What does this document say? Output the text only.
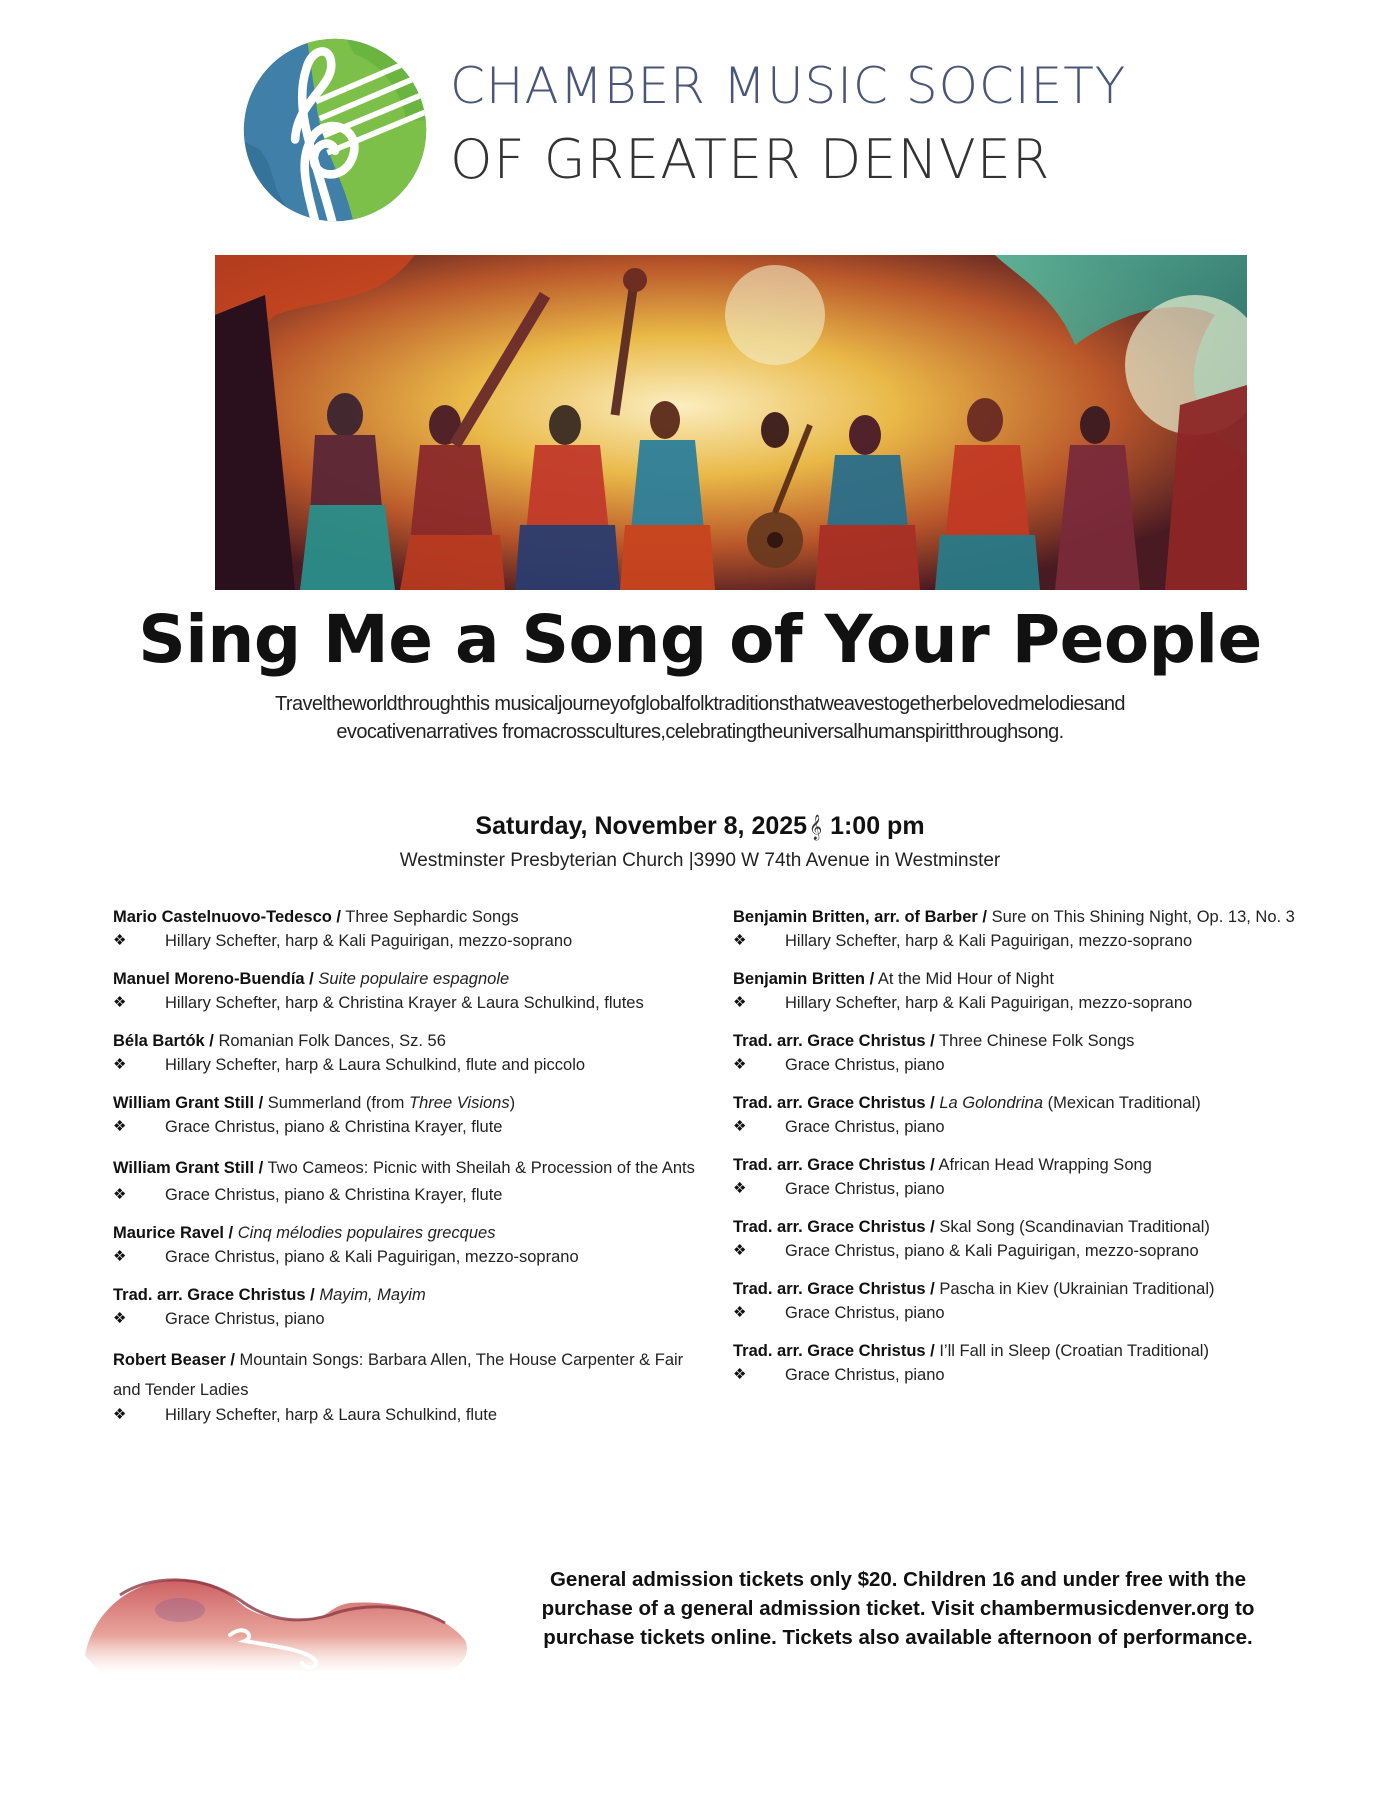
CHAMBER MUSIC SOCIETY
OF GREATER DENVER
Sing Me a Song of Your People
Traveltheworldthroughthis musicaljourneyofglobalfolktraditionsthatweavestogetherbelovedmelodiesand
evocativenarratives fromacrosscultures,celebratingtheuniversalhumanspiritthroughsong.
Saturday, November 8, 2025𝄞 1:00 pm
Westminster Presbyterian Church |3990 W 74th Avenue in Westminster
Mario Castelnuovo-Tedesco / Three Sephardic Songs
❖ Hillary Schefter, harp & Kali Paguirigan, mezzo-soprano
Manuel Moreno-Buendía / Suite populaire espagnole
❖ Hillary Schefter, harp & Christina Krayer & Laura Schulkind, flutes
Béla Bartók / Romanian Folk Dances, Sz. 56
❖ Hillary Schefter, harp & Laura Schulkind, flute and piccolo
William Grant Still / Summerland (from Three Visions)
❖ Grace Christus, piano & Christina Krayer, flute
William Grant Still / Two Cameos: Picnic with Sheilah & Procession of the Ants
❖ Grace Christus, piano & Christina Krayer, flute
Maurice Ravel / Cinq mélodies populaires grecques
❖ Grace Christus, piano & Kali Paguirigan, mezzo-soprano
Trad. arr. Grace Christus / Mayim, Mayim
❖ Grace Christus, piano
Robert Beaser / Mountain Songs: Barbara Allen, The House Carpenter & Fair and Tender Ladies
❖ Hillary Schefter, harp & Laura Schulkind, flute
Benjamin Britten, arr. of Barber / Sure on This Shining Night, Op. 13, No. 3
❖ Hillary Schefter, harp & Kali Paguirigan, mezzo-soprano
Benjamin Britten / At the Mid Hour of Night
❖ Hillary Schefter, harp & Kali Paguirigan, mezzo-soprano
Trad. arr. Grace Christus / Three Chinese Folk Songs
❖ Grace Christus, piano
Trad. arr. Grace Christus / La Golondrina (Mexican Traditional)
❖ Grace Christus, piano
Trad. arr. Grace Christus / African Head Wrapping Song
❖ Grace Christus, piano
Trad. arr. Grace Christus / Skal Song (Scandinavian Traditional)
❖ Grace Christus, piano & Kali Paguirigan, mezzo-soprano
Trad. arr. Grace Christus / Pascha in Kiev (Ukrainian Traditional)
❖ Grace Christus, piano
Trad. arr. Grace Christus / I’ll Fall in Sleep (Croatian Traditional)
❖ Grace Christus, piano
General admission tickets only $20. Children 16 and under free with the
purchase of a general admission ticket. Visit chambermusicdenver.org to
purchase tickets online. Tickets also available afternoon of performance.
